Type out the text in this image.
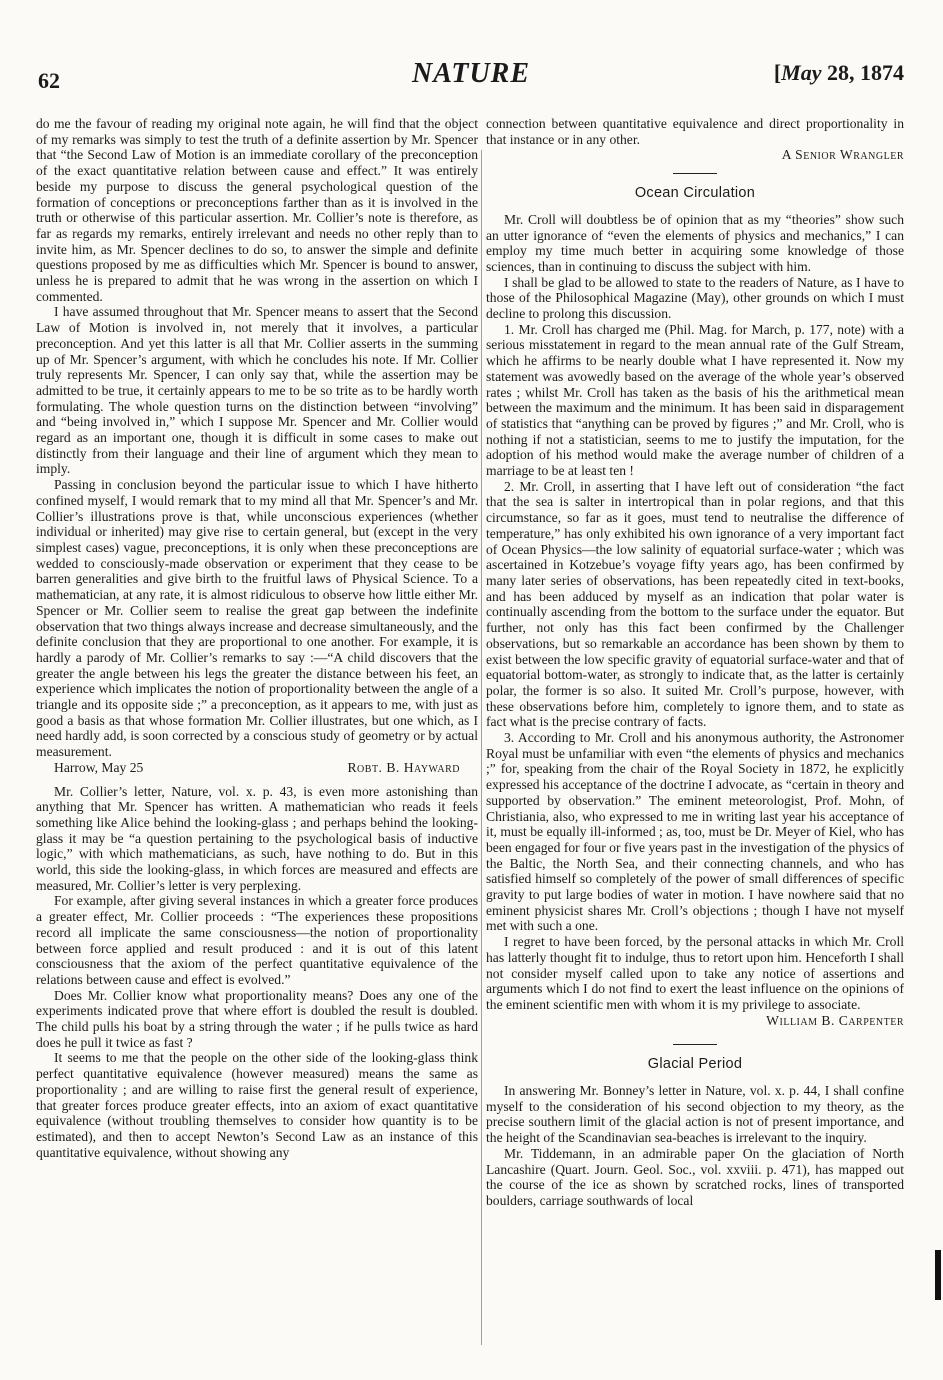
62	NATURE	[May 28, 1874

do me the favour of reading my original note again, he will find that the object of my remarks was simply to test the truth of a definite assertion by Mr. Spencer that “the Second Law of Motion is an immediate corollary of the preconception of the exact quantitative relation between cause and effect.” It was entirely beside my purpose to discuss the general psychological question of the formation of conceptions or preconceptions farther than as it is involved in the truth or otherwise of this particular assertion. Mr. Collier’s note is therefore, as far as regards my remarks, entirely irrelevant and needs no other reply than to invite him, as Mr. Spencer declines to do so, to answer the simple and definite questions proposed by me as difficulties which Mr. Spencer is bound to answer, unless he is prepared to admit that he was wrong in the assertion on which I commented.

I have assumed throughout that Mr. Spencer means to assert that the Second Law of Motion is involved in, not merely that it involves, a particular preconception. And yet this latter is all that Mr. Collier asserts in the summing up of Mr. Spencer’s argument, with which he concludes his note. If Mr. Collier truly represents Mr. Spencer, I can only say that, while the assertion may be admitted to be true, it certainly appears to me to be so trite as to be hardly worth formulating. The whole question turns on the distinction between “involving” and “being involved in,” which I suppose Mr. Spencer and Mr. Collier would regard as an important one, though it is difficult in some cases to make out distinctly from their language and their line of argument which they mean to imply.

Passing in conclusion beyond the particular issue to which I have hitherto confined myself, I would remark that to my mind all that Mr. Spencer’s and Mr. Collier’s illustrations prove is that, while unconscious experiences (whether individual or inherited) may give rise to certain general, but (except in the very simplest cases) vague, preconceptions, it is only when these preconceptions are wedded to consciously-made observation or experiment that they cease to be barren generalities and give birth to the fruitful laws of Physical Science. To a mathematician, at any rate, it is almost ridiculous to observe how little either Mr. Spencer or Mr. Collier seem to realise the great gap between the indefinite observation that two things always increase and decrease simultaneously, and the definite conclusion that they are proportional to one another. For example, it is hardly a parody of Mr. Collier’s remarks to say :—“A child discovers that the greater the angle between his legs the greater the distance between his feet, an experience which implicates the notion of proportionality between the angle of a triangle and its opposite side ;” a preconception, as it appears to me, with just as good a basis as that whose formation Mr. Collier illustrates, but one which, as I need hardly add, is soon corrected by a conscious study of geometry or by actual measurement.

Harrow, May 25	Robt. B. Hayward

Mr. Collier’s letter, Nature, vol. x. p. 43, is even more astonishing than anything that Mr. Spencer has written. A mathematician who reads it feels something like Alice behind the looking-glass ; and perhaps behind the looking-glass it may be “a question pertaining to the psychological basis of inductive logic,” with which mathematicians, as such, have nothing to do. But in this world, this side the looking-glass, in which forces are measured and effects are measured, Mr. Collier’s letter is very perplexing.

For example, after giving several instances in which a greater force produces a greater effect, Mr. Collier proceeds : “The experiences these propositions record all implicate the same consciousness—the notion of proportionality between force applied and result produced : and it is out of this latent consciousness that the axiom of the perfect quantitative equivalence of the relations between cause and effect is evolved.”

Does Mr. Collier know what proportionality means? Does any one of the experiments indicated prove that where effort is doubled the result is doubled. The child pulls his boat by a string through the water ; if he pulls twice as hard does he pull it twice as fast ?

It seems to me that the people on the other side of the looking-glass think perfect quantitative equivalence (however measured) means the same as proportionality ; and are willing to raise first the general result of experience, that greater forces produce greater effects, into an axiom of exact quantitative equivalence (without troubling themselves to consider how quantity is to be estimated), and then to accept Newton’s Second Law as an instance of this quantitative equivalence, without showing any

connection between quantitative equivalence and direct proportionality in that instance or in any other.

A Senior Wrangler
Ocean Circulation

Mr. Croll will doubtless be of opinion that as my “theories” show such an utter ignorance of “even the elements of physics and mechanics,” I can employ my time much better in acquiring some knowledge of those sciences, than in continuing to discuss the subject with him.

I shall be glad to be allowed to state to the readers of Nature, as I have to those of the Philosophical Magazine (May), other grounds on which I must decline to prolong this discussion.

1. Mr. Croll has charged me (Phil. Mag. for March, p. 177, note) with a serious misstatement in regard to the mean annual rate of the Gulf Stream, which he affirms to be nearly double what I have represented it. Now my statement was avowedly based on the average of the whole year’s observed rates ; whilst Mr. Croll has taken as the basis of his the arithmetical mean between the maximum and the minimum. It has been said in disparagement of statistics that “anything can be proved by figures ;” and Mr. Croll, who is nothing if not a statistician, seems to me to justify the imputation, for the adoption of his method would make the average number of children of a marriage to be at least ten !

2. Mr. Croll, in asserting that I have left out of consideration “the fact that the sea is salter in intertropical than in polar regions, and that this circumstance, so far as it goes, must tend to neutralise the difference of temperature,” has only exhibited his own ignorance of a very important fact of Ocean Physics—the low salinity of equatorial surface-water ; which was ascertained in Kotzebue’s voyage fifty years ago, has been confirmed by many later series of observations, has been repeatedly cited in text-books, and has been adduced by myself as an indication that polar water is continually ascending from the bottom to the surface under the equator. But further, not only has this fact been confirmed by the Challenger observations, but so remarkable an accordance has been shown by them to exist between the low specific gravity of equatorial surface-water and that of equatorial bottom-water, as strongly to indicate that, as the latter is certainly polar, the former is so also. It suited Mr. Croll’s purpose, however, with these observations before him, completely to ignore them, and to state as fact what is the precise contrary of facts.

3. According to Mr. Croll and his anonymous authority, the Astronomer Royal must be unfamiliar with even “the elements of physics and mechanics ;” for, speaking from the chair of the Royal Society in 1872, he explicitly expressed his acceptance of the doctrine I advocate, as “certain in theory and supported by observation.” The eminent meteorologist, Prof. Mohn, of Christiania, also, who expressed to me in writing last year his acceptance of it, must be equally ill-informed ; as, too, must be Dr. Meyer of Kiel, who has been engaged for four or five years past in the investigation of the physics of the Baltic, the North Sea, and their connecting channels, and who has satisfied himself so completely of the power of small differences of specific gravity to put large bodies of water in motion. I have nowhere said that no eminent physicist shares Mr. Croll’s objections ; though I have not myself met with such a one.

I regret to have been forced, by the personal attacks in which Mr. Croll has latterly thought fit to indulge, thus to retort upon him. Henceforth I shall not consider myself called upon to take any notice of assertions and arguments which I do not find to exert the least influence on the opinions of the eminent scientific men with whom it is my privilege to associate.

William B. Carpenter
Glacial Period

In answering Mr. Bonney’s letter in Nature, vol. x. p. 44, I shall confine myself to the consideration of his second objection to my theory, as the precise southern limit of the glacial action is not of present importance, and the height of the Scandinavian sea-beaches is irrelevant to the inquiry.

Mr. Tiddemann, in an admirable paper On the glaciation of North Lancashire (Quart. Journ. Geol. Soc., vol. xxviii. p. 471), has mapped out the course of the ice as shown by scratched rocks, lines of transported boulders, carriage southwards of local
